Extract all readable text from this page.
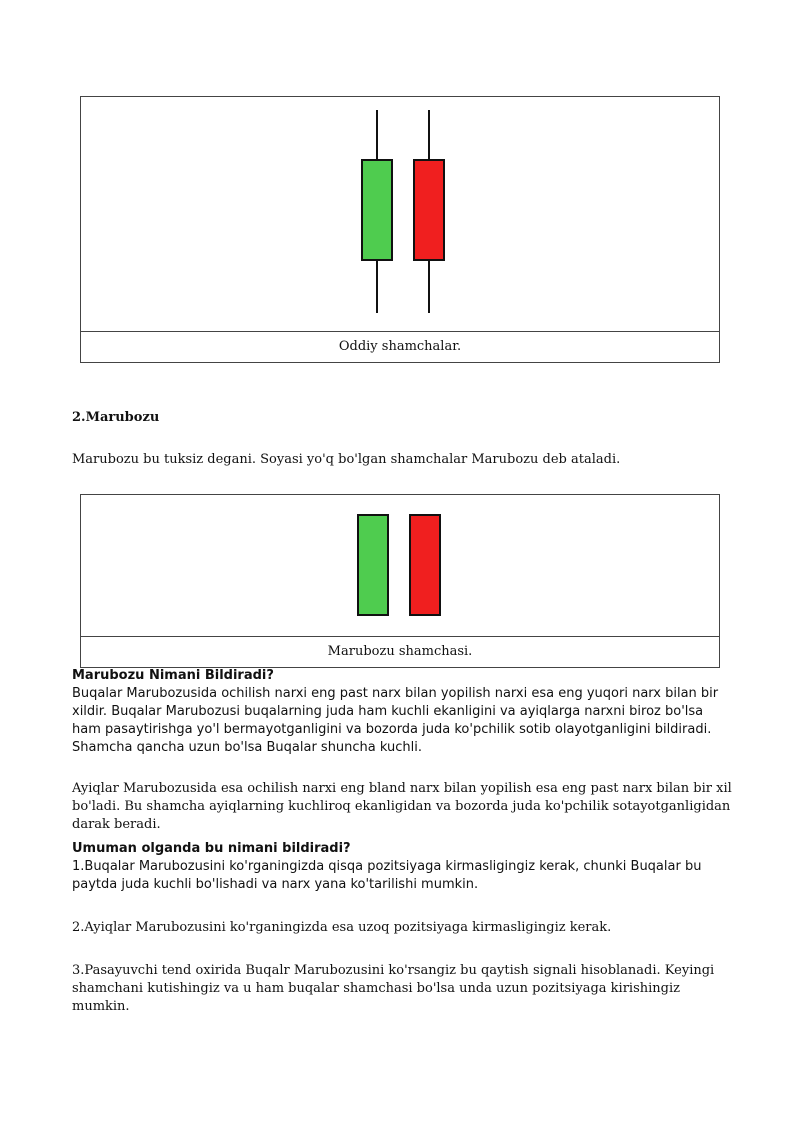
Oddiy shamchalar.
2.Marubozu

Marubozu bu tuksiz degani. Soyasi yo'q bo'lgan shamchalar Marubozu deb ataladi.

Marubozu shamchasi.
Marubozu Nimani Bildiradi?

Buqalar Marubozusida ochilish narxi eng past narx bilan yopilish narxi esa eng yuqori narx bilan bir xildir. Buqalar Marubozusi buqalarning juda ham kuchli ekanligini va ayiqlarga narxni biroz bo'lsa ham pasaytirishga yo'l bermayotganligini va bozorda juda ko'pchilik sotib olayotganligini bildiradi. Shamcha qancha uzun bo'lsa Buqalar shuncha kuchli.

Ayiqlar Marubozusida esa ochilish narxi eng bland narx bilan yopilish esa eng past narx bilan bir xil bo'ladi. Bu shamcha ayiqlarning kuchliroq ekanligidan va bozorda juda ko'pchilik sotayotganligidan darak beradi.

Umuman olganda bu nimani bildiradi?

1.Buqalar Marubozusini ko'rganingizda qisqa pozitsiyaga kirmasligingiz kerak, chunki Buqalar bu paytda juda kuchli bo'lishadi va narx yana ko'tarilishi mumkin.

2.Ayiqlar Marubozusini ko'rganingizda esa uzoq pozitsiyaga kirmasligingiz kerak.

3.Pasayuvchi tend oxirida Buqalr Marubozusini ko'rsangiz bu qaytish signali hisoblanadi. Keyingi shamchani kutishingiz va u ham buqalar shamchasi bo'lsa unda uzun pozitsiyaga kirishingiz mumkin.
